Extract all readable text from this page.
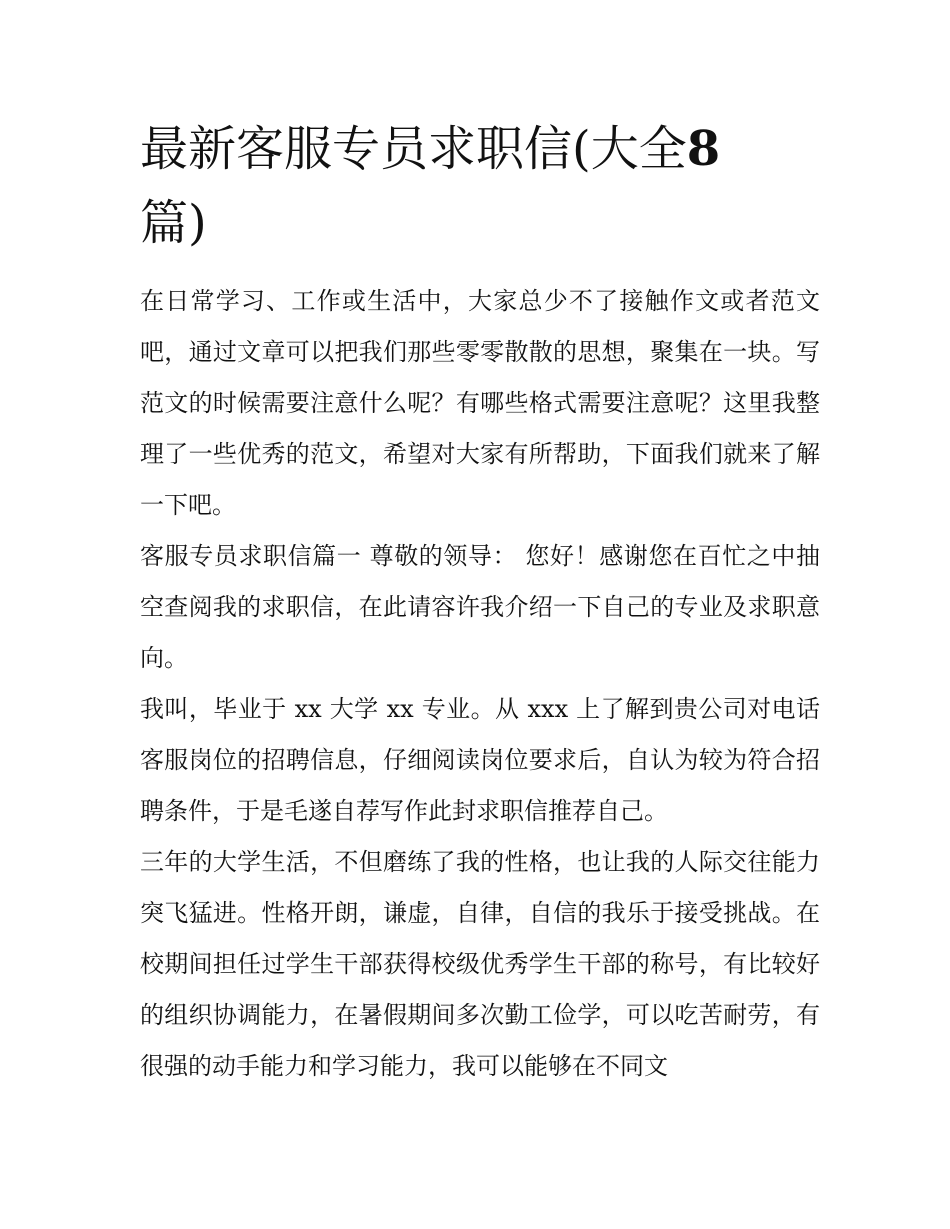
最新客服专员求职信(大全8
篇)

在日常学习、工作或生活中，大家总少不了接触作文或者范文吧，通过文章可以把我们那些零零散散的思想，聚集在一块。写范文的时候需要注意什么呢？有哪些格式需要注意呢？这里我整理了一些优秀的范文，希望对大家有所帮助，下面我们就来了解一下吧。

客服专员求职信篇一 尊敬的领导： 您好！感谢您在百忙之中抽空查阅我的求职信，在此请容许我介绍一下自己的专业及求职意向。

我叫，毕业于 xx 大学 xx 专业。从 xxx 上了解到贵公司对电话客服岗位的招聘信息，仔细阅读岗位要求后，自认为较为符合招聘条件，于是毛遂自荐写作此封求职信推荐自己。

三年的大学生活，不但磨练了我的性格，也让我的人际交往能力突飞猛进。性格开朗，谦虚，自律，自信的我乐于接受挑战。在校期间担任过学生干部获得校级优秀学生干部的称号，有比较好的组织协调能力，在暑假期间多次勤工俭学，可以吃苦耐劳，有很强的动手能力和学习能力，我可以能够在不同文
